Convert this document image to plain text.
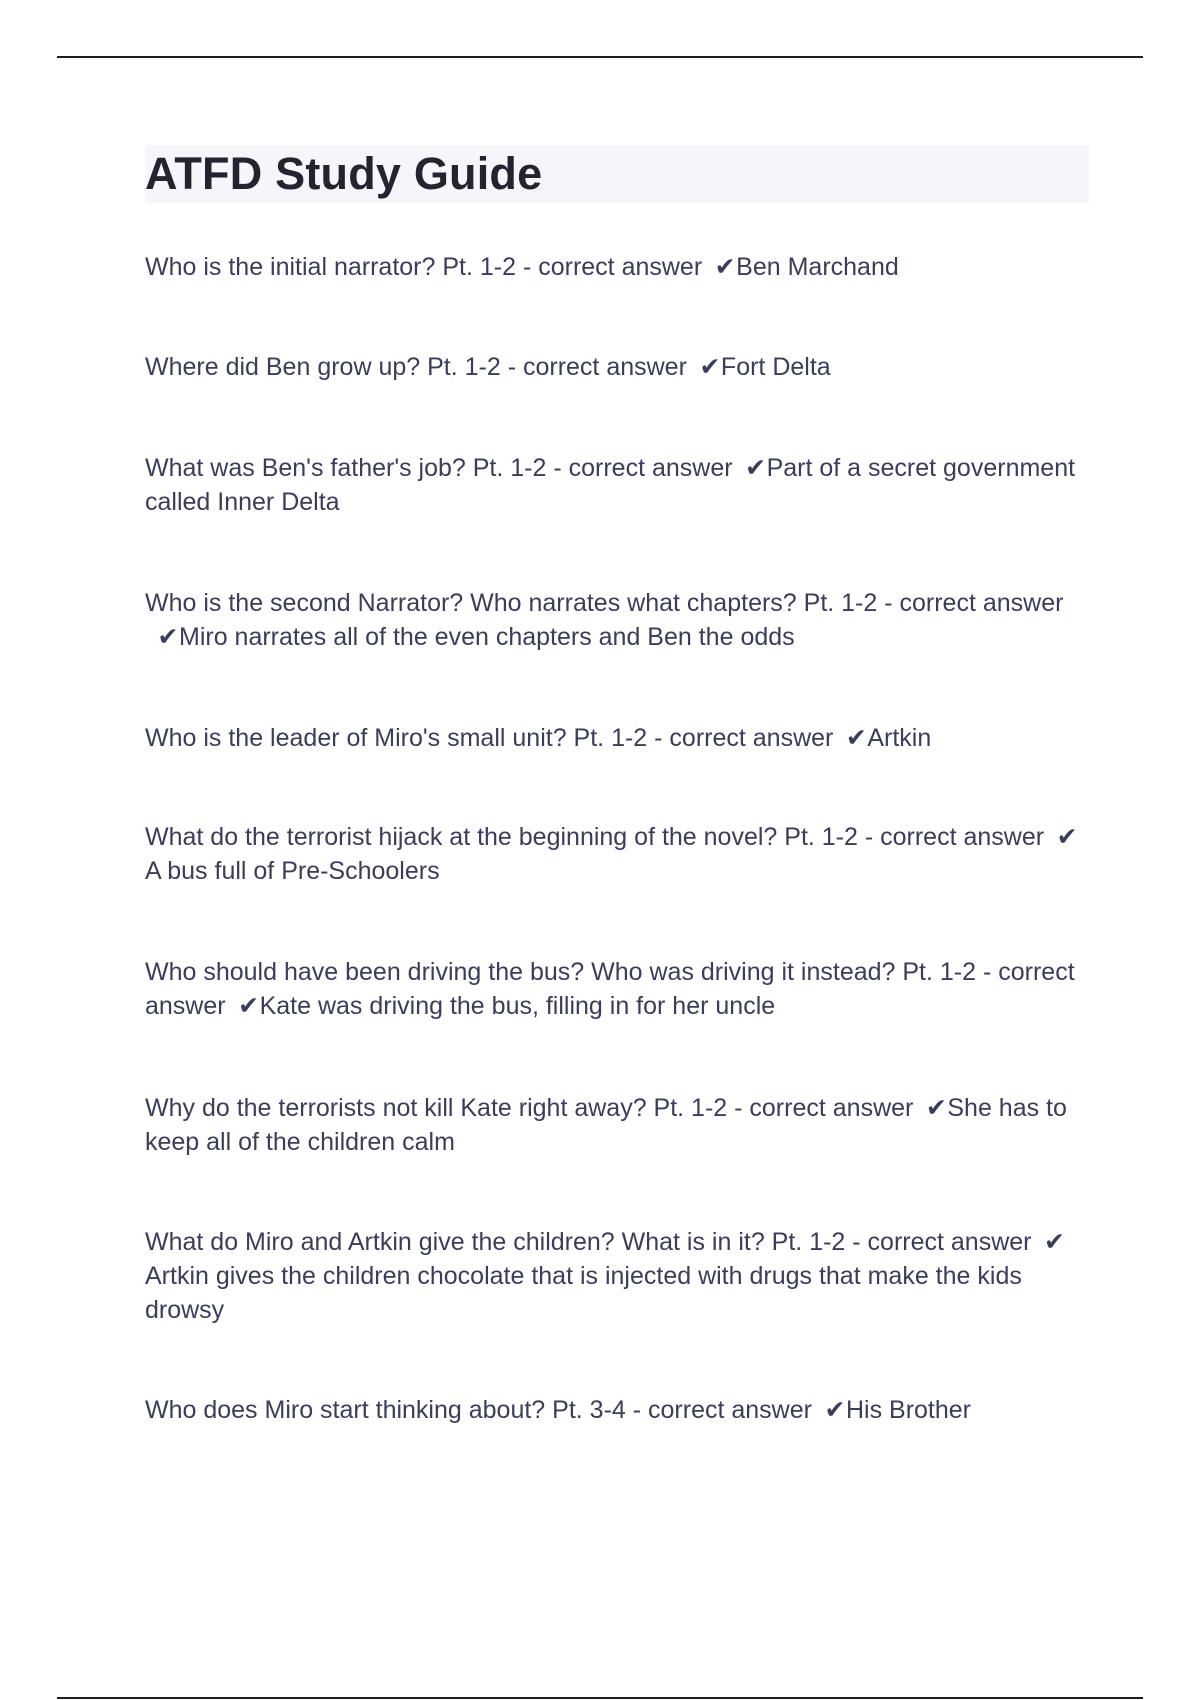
ATFD Study Guide

Who is the initial narrator? Pt. 1-2 - correct answer ✔Ben Marchand

Where did Ben grow up? Pt. 1-2 - correct answer ✔Fort Delta

What was Ben's father's job? Pt. 1-2 - correct answer ✔Part of a secret government called Inner Delta

Who is the second Narrator? Who narrates what chapters? Pt. 1-2 - correct answer✔Miro narrates all of the even chapters and Ben the odds

Who is the leader of Miro's small unit? Pt. 1-2 - correct answer ✔Artkin

What do the terrorist hijack at the beginning of the novel? Pt. 1-2 - correct answer ✔A bus full of Pre-Schoolers

Who should have been driving the bus? Who was driving it instead? Pt. 1-2 - correct answer ✔Kate was driving the bus, filling in for her uncle

Why do the terrorists not kill Kate right away? Pt. 1-2 - correct answer ✔She has to keep all of the children calm

What do Miro and Artkin give the children? What is in it? Pt. 1-2 - correct answer ✔Artkin gives the children chocolate that is injected with drugs that make the kids drowsy

Who does Miro start thinking about? Pt. 3-4 - correct answer ✔His Brother
